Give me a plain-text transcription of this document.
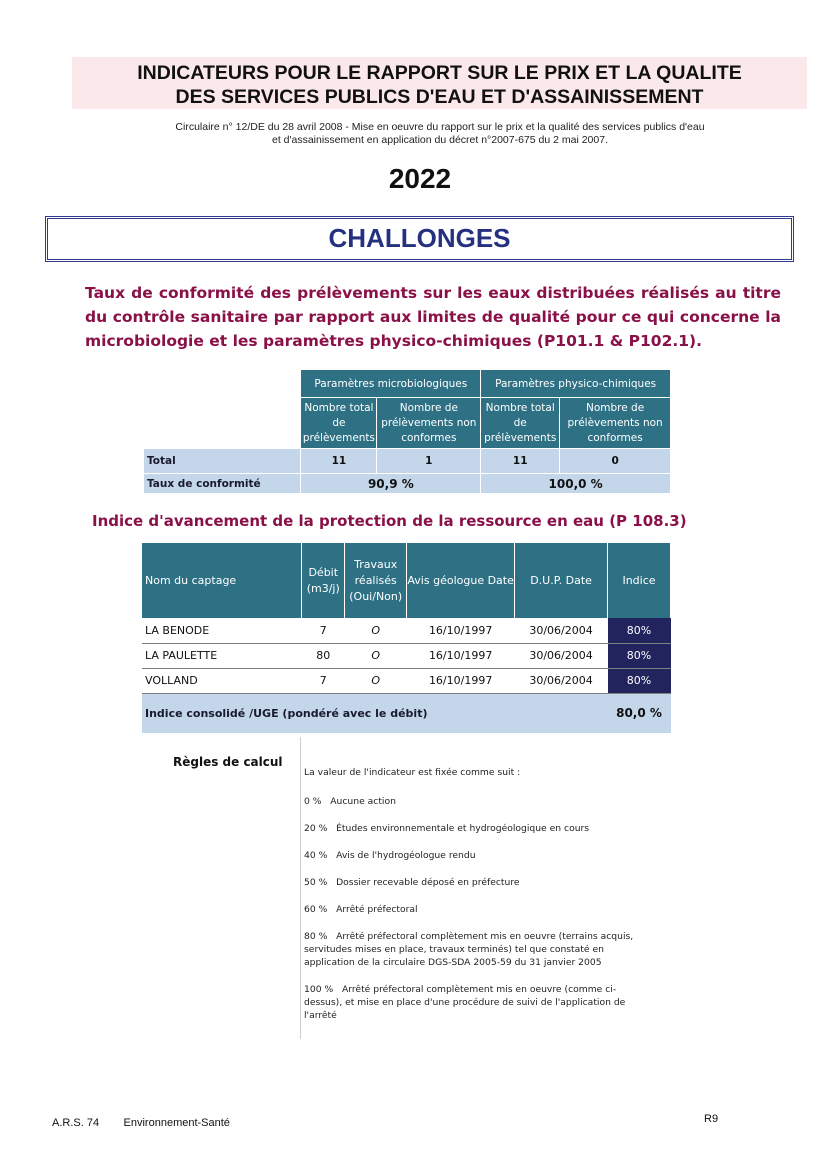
INDICATEURS POUR LE RAPPORT SUR LE PRIX ET LA QUALITE
DES SERVICES PUBLICS D'EAU ET D'ASSAINISSEMENT
Circulaire n° 12/DE du 28 avril 2008 - Mise en oeuvre du rapport sur le prix et la qualité des services publics d'eau
et d'assainissement en application du décret n°2007-675 du 2 mai 2007.
2022
CHALLONGES
Taux de conformité des prélèvements sur les eaux distribuées réalisés au titre du contrôle sanitaire par rapport aux limites de qualité pour ce qui concerne la microbiologie et les paramètres physico-chimiques (P101.1 & P102.1).
	Paramètres microbiologiques		Paramètres physico-chimiques	
	Nombre total de prélèvements	Nombre de prélèvements non conformes	Nombre total de prélèvements	Nombre de prélèvements non conformes
Total	11	1	11	0
Taux de conformité	90,9 %		100,0 %	
Indice d'avancement de la protection de la ressource en eau (P 108.3)
Nom du captage	Débit (m3/j)	Travaux réalisés (Oui/Non)	Avis géologue Date	D.U.P. Date	Indice
LA BENODE	7	O	16/10/1997	30/06/2004	80%
LA PAULETTE	80	O	16/10/1997	30/06/2004	80%
VOLLAND	7	O	16/10/1997	30/06/2004	80%
Indice consolidé /UGE (pondéré avec le débit)					80,0 %
Règles de calcul

La valeur de l'indicateur est fixée comme suit :

0 % Aucune action

20 % Études environnementale et hydrogéologique en cours

40 % Avis de l'hydrogéologue rendu

50 % Dossier recevable déposé en préfecture

60 % Arrêté préfectoral

80 % Arrêté préfectoral complètement mis en oeuvre (terrains acquis, servitudes mises en place, travaux terminés) tel que constaté en application de la circulaire DGS-SDA 2005-59 du 31 janvier 2005

100 % Arrêté préfectoral complètement mis en oeuvre (comme ci-dessus), et mise en place d'une procédure de suivi de l'application de l'arrêté

A.R.S. 74 Environnement-Santé	R9
